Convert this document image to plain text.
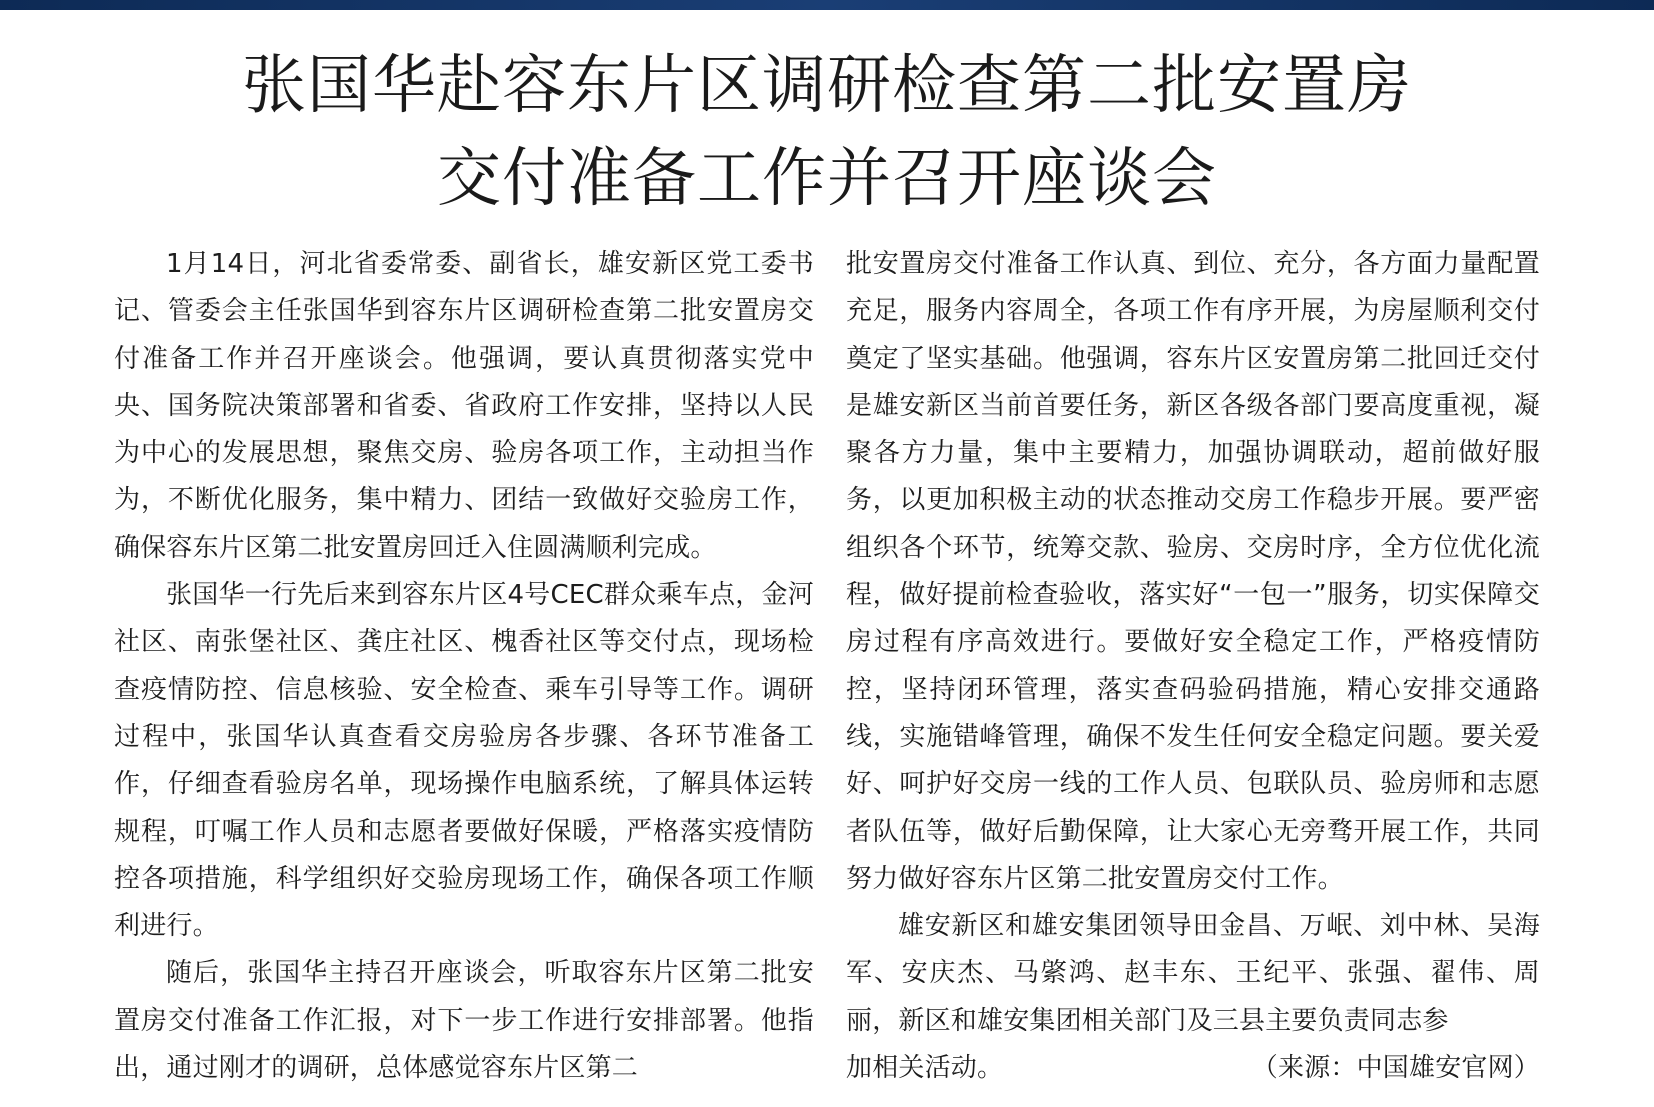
张国华赴容东片区调研检查第二批安置房
交付准备工作并召开座谈会

1月14日，河北省委常委、副省长，雄安新区党工委书记、管委会主任张国华到容东片区调研检查第二批安置房交付准备工作并召开座谈会。他强调，要认真贯彻落实党中央、国务院决策部署和省委、省政府工作安排，坚持以人民为中心的发展思想，聚焦交房、验房各项工作，主动担当作为，不断优化服务，集中精力、团结一致做好交验房工作，确保容东片区第二批安置房回迁入住圆满顺利完成。

张国华一行先后来到容东片区4号CEC群众乘车点，金河社区、南张堡社区、龚庄社区、槐香社区等交付点，现场检查疫情防控、信息核验、安全检查、乘车引导等工作。调研过程中，张国华认真查看交房验房各步骤、各环节准备工作，仔细查看验房名单，现场操作电脑系统，了解具体运转规程，叮嘱工作人员和志愿者要做好保暖，严格落实疫情防控各项措施，科学组织好交验房现场工作，确保各项工作顺利进行。

随后，张国华主持召开座谈会，听取容东片区第二批安置房交付准备工作汇报，对下一步工作进行安排部署。他指出，通过刚才的调研，总体感觉容东片区第二

批安置房交付准备工作认真、到位、充分，各方面力量配置充足，服务内容周全，各项工作有序开展，为房屋顺利交付奠定了坚实基础。他强调，容东片区安置房第二批回迁交付是雄安新区当前首要任务，新区各级各部门要高度重视，凝聚各方力量，集中主要精力，加强协调联动，超前做好服务，以更加积极主动的状态推动交房工作稳步开展。要严密组织各个环节，统筹交款、验房、交房时序，全方位优化流程，做好提前检查验收，落实好“一包一”服务，切实保障交房过程有序高效进行。要做好安全稳定工作，严格疫情防控，坚持闭环管理，落实查码验码措施，精心安排交通路线，实施错峰管理，确保不发生任何安全稳定问题。要关爱好、呵护好交房一线的工作人员、包联队员、验房师和志愿者队伍等，做好后勤保障，让大家心无旁骛开展工作，共同努力做好容东片区第二批安置房交付工作。

雄安新区和雄安集团领导田金昌、万岷、刘中林、吴海军、安庆杰、马綮鸿、赵丰东、王纪平、张强、翟伟、周丽，新区和雄安集团相关部门及三县主要负责同志参

加相关活动。	（来源：中国雄安官网）
